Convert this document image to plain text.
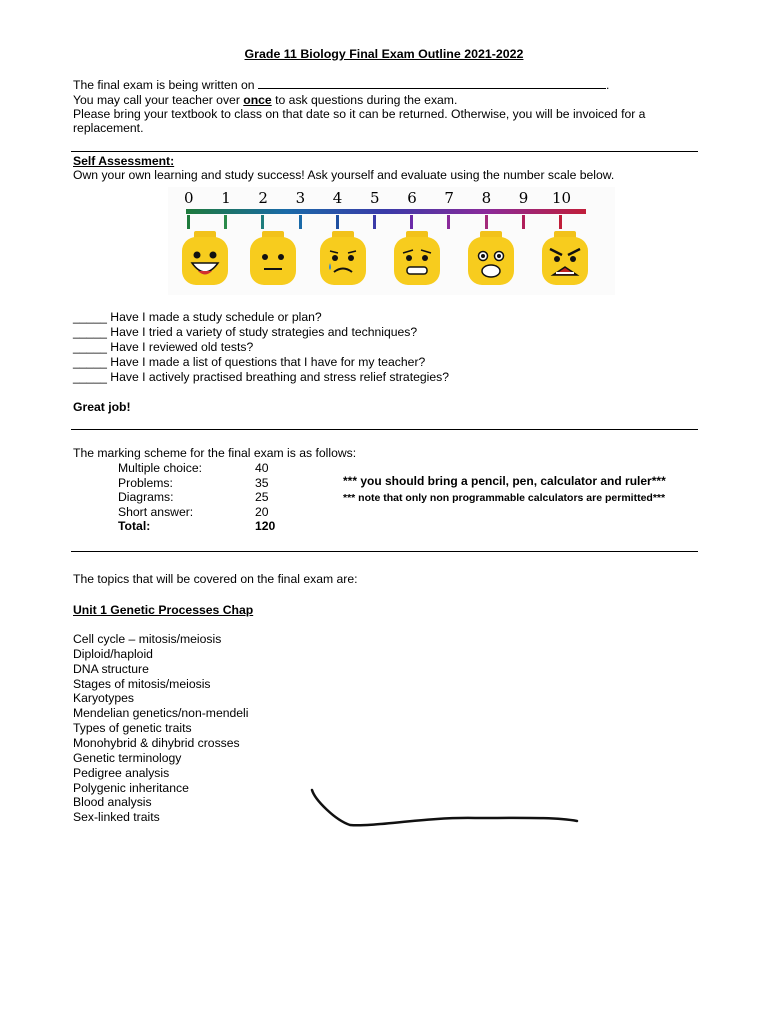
Grade 11 Biology Final Exam Outline 2021-2022
The final exam is being written on	.
You may call your teacher over once to ask questions during the exam.
Please bring your textbook to class on that date so it can be returned. Otherwise, you will be invoiced for a
replacement.
Self Assessment:
Own your own learning and study success! Ask yourself and evaluate using the number scale below.
0 1 2 3 4 5 6 7 8 9 10
_____ Have I made a study schedule or plan?
_____ Have I tried a variety of study strategies and techniques?
_____ Have I reviewed old tests?
_____ Have I made a list of questions that I have for my teacher?
_____ Have I actively practised breathing and stress relief strategies?
Great job!
The marking scheme for the final exam is as follows:
Multiple choice:	40
Problems:	35
Diagrams:	25
Short answer:	20
Total:	120
*** you should bring a pencil, pen, calculator and ruler***
*** note that only non programmable calculators are permitted***
The topics that will be covered on the final exam are:
Unit 1 Genetic Processes Chap
Cell cycle – mitosis/meiosis
Diploid/haploid
DNA structure
Stages of mitosis/meiosis
Karyotypes
Mendelian genetics/non-mendeli
Types of genetic traits
Monohybrid & dihybrid crosses
Genetic terminology
Pedigree analysis
Polygenic inheritance
Blood analysis
Sex-linked traits
